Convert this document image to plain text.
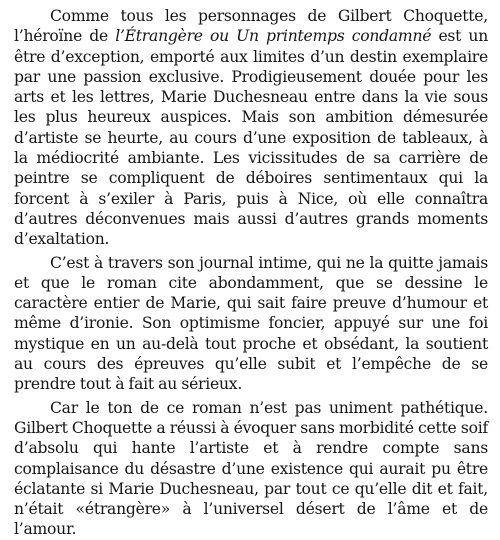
Comme tous les personnages de Gilbert Choquette, l’héroïne de l’Étrangère ou Un printemps condamné est un être d’exception, emporté aux limites d’un destin exemplaire par une passion exclusive. Prodigieusement douée pour les arts et les lettres, Marie Duchesneau entre dans la vie sous les plus heureux auspices. Mais son ambition démesurée d’artiste se heurte, au cours d’une exposition de tableaux, à la médiocrité ambiante. Les vicissitudes de sa carrière de peintre se compliquent de déboires sentimentaux qui la forcent à s’exiler à Paris, puis à Nice, où elle connaîtra d’autres déconvenues mais aussi d’autres grands moments d’exaltation.

C’est à travers son journal intime, qui ne la quitte jamais et que le roman cite abondamment, que se dessine le caractère entier de Marie, qui sait faire preuve d’humour et même d’ironie. Son optimisme foncier, appuyé sur une foi mystique en un au-delà tout proche et obsédant, la soutient au cours des épreuves qu’elle subit et l’empêche de se prendre tout à fait au sérieux.

Car le ton de ce roman n’est pas uniment pathétique. Gilbert Choquette a réussi à évoquer sans morbidité cette soif d’absolu qui hante l’artiste et à rendre compte sans complaisance du désastre d’une existence qui aurait pu être éclatante si Marie Duchesneau, par tout ce qu’elle dit et fait, n’était «étrangère» à l’universel désert de l’âme et de l’amour.
